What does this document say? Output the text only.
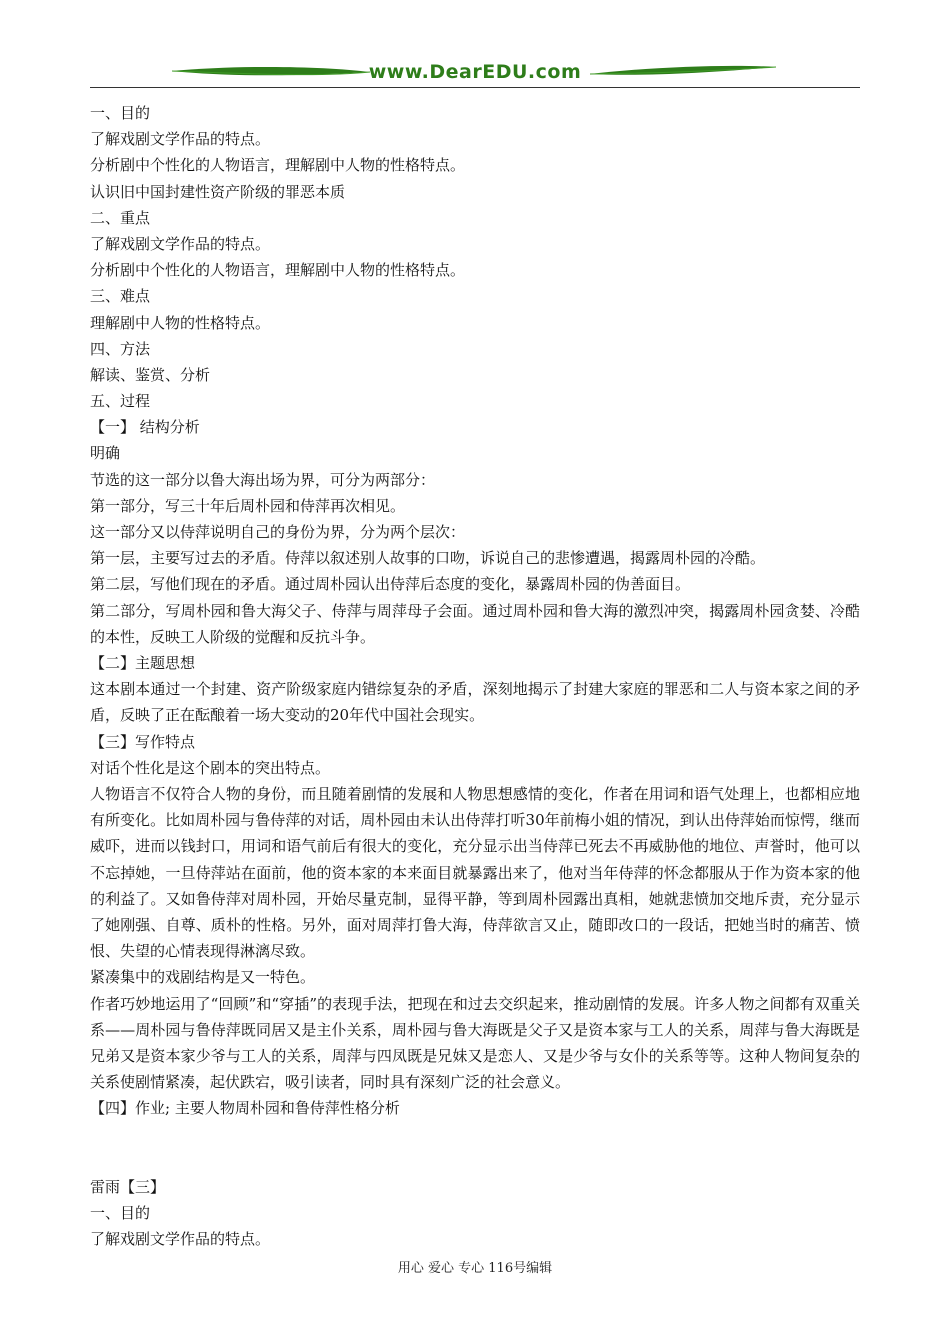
www.DearEDU.com
一、目的
了解戏剧文学作品的特点。
分析剧中个性化的人物语言，理解剧中人物的性格特点。
认识旧中国封建性资产阶级的罪恶本质
二、重点
了解戏剧文学作品的特点。
分析剧中个性化的人物语言，理解剧中人物的性格特点。
三、难点
理解剧中人物的性格特点。
四、方法
解读、鉴赏、分析
五、过程
【一】 结构分析
明确
节选的这一部分以鲁大海出场为界，可分为两部分：
第一部分，写三十年后周朴园和侍萍再次相见。
这一部分又以侍萍说明自己的身份为界，分为两个层次：
第一层，主要写过去的矛盾。侍萍以叙述别人故事的口吻，诉说自己的悲惨遭遇，揭露周朴园的冷酷。
第二层，写他们现在的矛盾。通过周朴园认出侍萍后态度的变化，暴露周朴园的伪善面目。
第二部分，写周朴园和鲁大海父子、侍萍与周萍母子会面。通过周朴园和鲁大海的激烈冲突，揭露周朴园贪婪、冷酷的本性，反映工人阶级的觉醒和反抗斗争。
【二】主题思想
这本剧本通过一个封建、资产阶级家庭内错综复杂的矛盾，深刻地揭示了封建大家庭的罪恶和二人与资本家之间的矛盾，反映了正在酝酿着一场大变动的20年代中国社会现实。
【三】写作特点
对话个性化是这个剧本的突出特点。
人物语言不仅符合人物的身份，而且随着剧情的发展和人物思想感情的变化，作者在用词和语气处理上，也都相应地有所变化。比如周朴园与鲁侍萍的对话，周朴园由未认出侍萍打听30年前梅小姐的情况，到认出侍萍始而惊愕，继而威吓，进而以钱封口，用词和语气前后有很大的变化，充分显示出当侍萍已死去不再威胁他的地位、声誉时，他可以不忘掉她，一旦侍萍站在面前，他的资本家的本来面目就暴露出来了，他对当年侍萍的怀念都服从于作为资本家的他的利益了。又如鲁侍萍对周朴园，开始尽量克制，显得平静，等到周朴园露出真相，她就悲愤加交地斥责，充分显示了她刚强、自尊、质朴的性格。另外，面对周萍打鲁大海，侍萍欲言又止，随即改口的一段话，把她当时的痛苦、愤恨、失望的心情表现得淋漓尽致。
紧凑集中的戏剧结构是又一特色。
作者巧妙地运用了“回顾”和“穿插”的表现手法，把现在和过去交织起来，推动剧情的发展。许多人物之间都有双重关系——周朴园与鲁侍萍既同居又是主仆关系，周朴园与鲁大海既是父子又是资本家与工人的关系，周萍与鲁大海既是兄弟又是资本家少爷与工人的关系，周萍与四凤既是兄妹又是恋人、又是少爷与女仆的关系等等。这种人物间复杂的关系使剧情紧凑，起伏跌宕，吸引读者，同时具有深刻广泛的社会意义。
【四】作业; 主要人物周朴园和鲁侍萍性格分析
雷雨【三】
一、目的
了解戏剧文学作品的特点。
用心 爱心 专心 116号编辑
